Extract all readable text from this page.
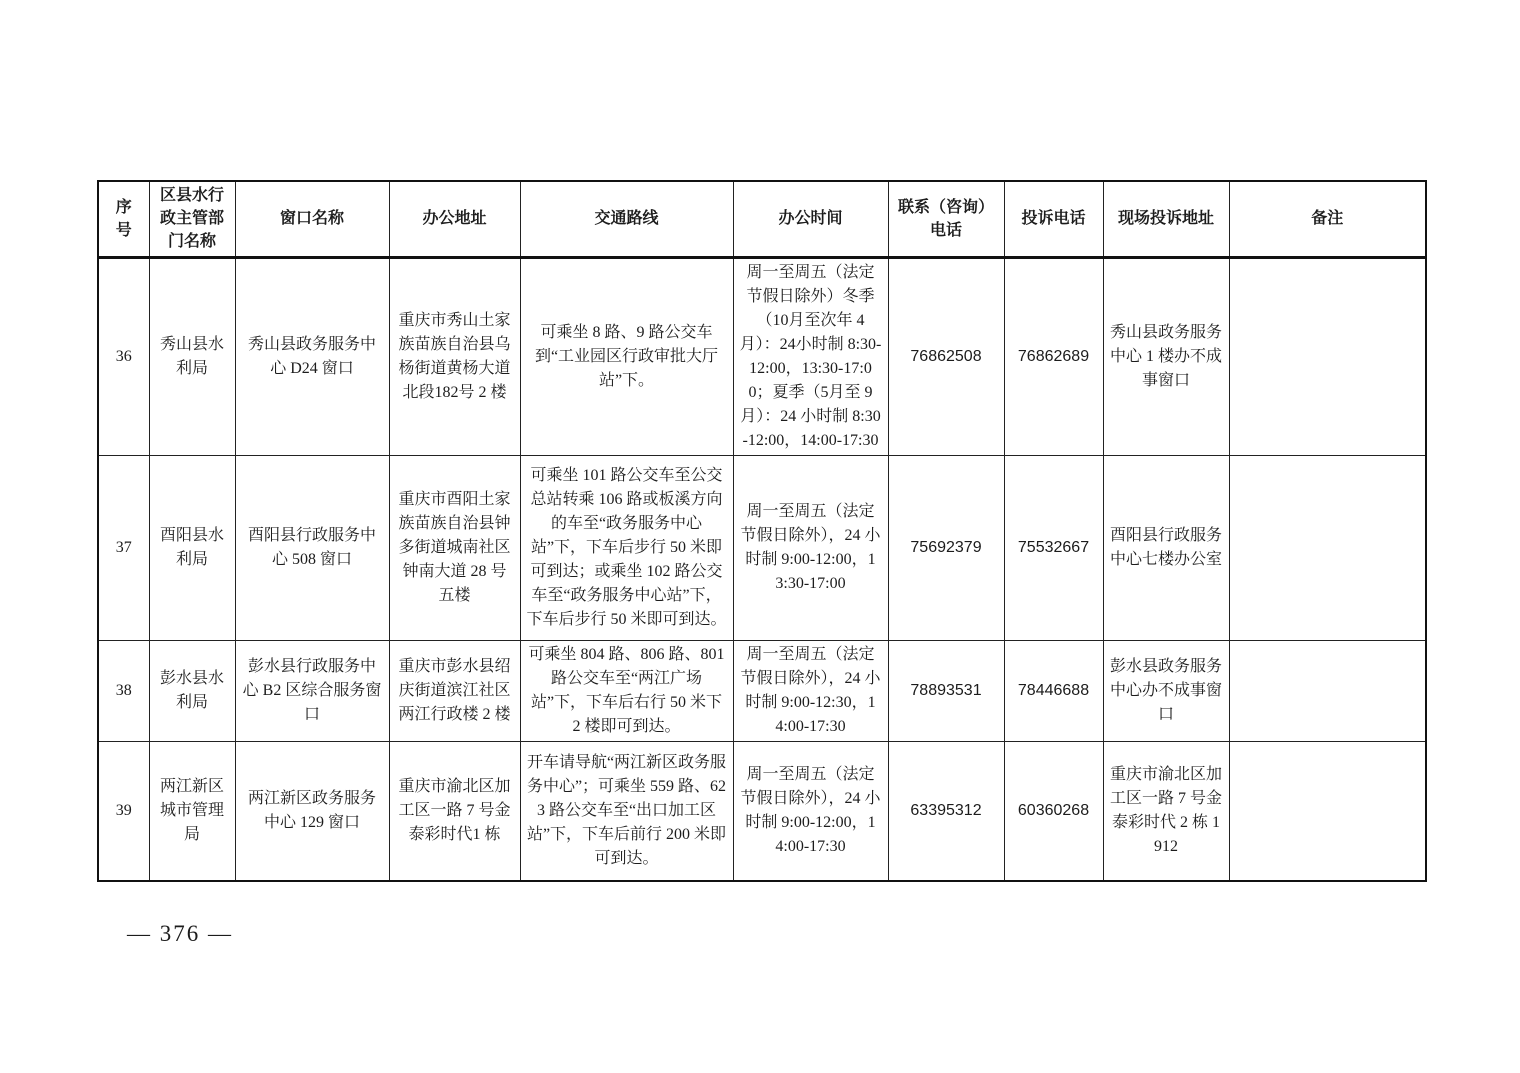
序号	区县水行政主管部门名称	窗口名称	办公地址	交通路线	办公时间	联系（咨询）电话	投诉电话	现场投诉地址	备注
36	秀山县水利局	秀山县政务服务中心 D24 窗口	重庆市秀山土家族苗族自治县乌杨街道黄杨大道北段182号 2 楼	可乘坐 8 路、9 路公交车到“工业园区行政审批大厅站”下。	周一至周五（法定节假日除外）冬季（10月至次年 4 月）：24小时制 8:30-12:00，13:30-17:00；夏季（5月至 9 月）：24 小时制 8:30-12:00，14:00-17:30	76862508	76862689	秀山县政务服务中心 1 楼办不成事窗口	
37	酉阳县水利局	酉阳县行政服务中心 508 窗口	重庆市酉阳土家族苗族自治县钟多街道城南社区钟南大道 28 号五楼	可乘坐 101 路公交车至公交总站转乘 106 路或板溪方向的车至“政务服务中心站”下，下车后步行 50 米即可到达；或乘坐 102 路公交车至“政务服务中心站”下，下车后步行 50 米即可到达。	周一至周五（法定节假日除外），24 小时制 9:00-12:00，13:30-17:00	75692379	75532667	酉阳县行政服务中心七楼办公室	
38	彭水县水利局	彭水县行政服务中心 B2 区综合服务窗口	重庆市彭水县绍庆街道滨江社区两江行政楼 2 楼	可乘坐 804 路、806 路、801 路公交车至“两江广场站”下，下车后右行 50 米下 2 楼即可到达。	周一至周五（法定节假日除外），24 小时制 9:00-12:30，14:00-17:30	78893531	78446688	彭水县政务服务中心办不成事窗口	
39	两江新区城市管理局	两江新区政务服务中心 129 窗口	重庆市渝北区加工区一路 7 号金泰彩时代1 栋	开车请导航“两江新区政务服务中心”；可乘坐 559 路、623 路公交车至“出口加工区站”下，下车后前行 200 米即可到达。	周一至周五（法定节假日除外），24 小时制 9:00-12:00，14:00-17:30	63395312	60360268	重庆市渝北区加工区一路 7 号金泰彩时代 2 栋 1912	
— 376 —
